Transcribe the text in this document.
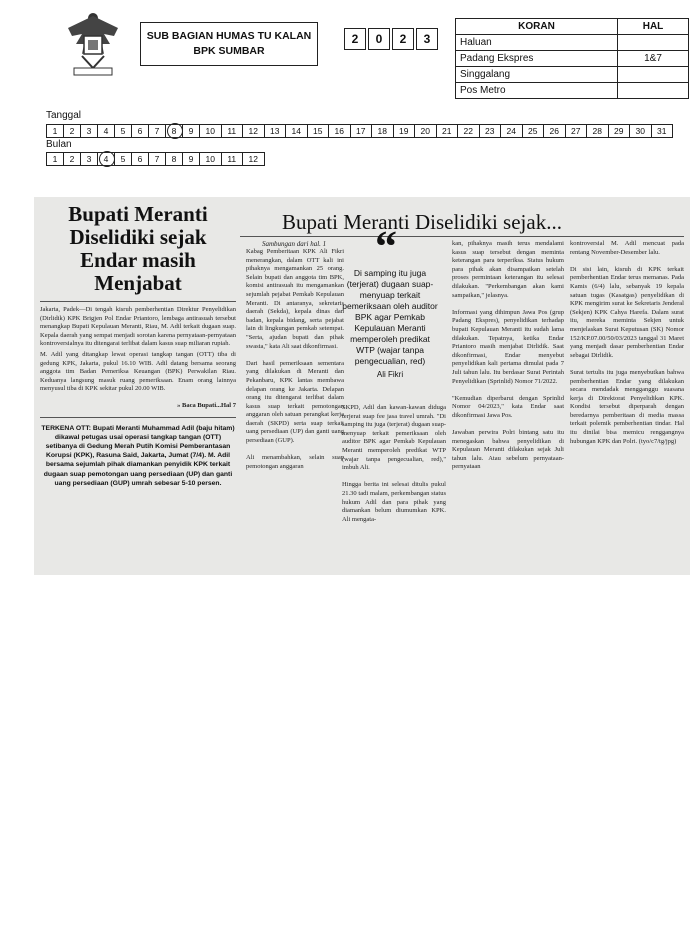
SUB BAGIAN HUMAS TU KALAN
BPK SUMBAR
2	0	2	3
KORAN	HAL
Haluan	
Padang Ekspres	1&7
Singgalang	
Pos Metro	
Tanggal
1	2	3	4	5	6	7	8	9	10	11	12	13	14	15	16	17	18	19	20	21	22	23	24	25	26	27	28	29	30	31
Bulan
1	2	3	4	5	6	7	8	9	10	11	12
Bupati Meranti Diselidiki sejak Endar masih Menjabat
Jakarta, Padek—Di tengah kisruh pemberhentian Direktur Penyelidikan (Dirlidik) KPK Brigjen Pol Endar Priantoro, lembaga antirasuah tersebut menangkap Bupati Kepulauan Meranti, Riau, M. Adil terkait dugaan suap. Kepala daerah yang sempat menjadi sorotan karena pernyataan-pernyataan kontroversialnya itu ditengarai terlibat dalam kasus suap miliaran rupiah.
M. Adil yang ditangkap lewat operasi tangkap tangan (OTT) tiba di gedung KPK, Jakarta, pukul 16.10 WIB. Adil datang bersama seorang anggota tim Badan Pemeriksa Keuangan (BPK) Perwakilan Riau. Keduanya langsung masuk ruang pemeriksaan. Enam orang lainnya menyusul tiba di KPK sekitar pukul 20.00 WIB.
» Baca Bupati...Hal 7
TERKENA OTT: Bupati Meranti Muhammad Adil (baju hitam) dikawal petugas usai operasi tangkap tangan (OTT) setibanya di Gedung Merah Putih Komisi Pemberantasan Korupsi (KPK), Rasuna Said, Jakarta, Jumat (7/4). M. Adil bersama sejumlah pihak diamankan penyidik KPK terkait dugaan suap pemotongan uang persediaan (UP) dan ganti uang persediaan (GUP) umrah sebesar 5-10 persen.
Bupati Meranti Diselidiki sejak...
Sambungan dari hal. 1 “
Di samping itu juga (terjerat) dugaan suap-menyuap terkait pemeriksaan oleh auditor BPK agar Pemkab Kepulauan Meranti memperoleh predikat WTP (wajar tanpa pengecualian, red)
Ali Fikri
Kabag Pemberitaan KPK Ali Fikri menerangkan, dalam OTT kali ini pihaknya mengamankan 25 orang. Selain bupati dan anggota tim BPK, komisi antirasuah itu mengamankan sejumlah pejabat Pemkab Kepulauan Meranti. Di antaranya, sekretaris daerah (Sekda), kepala dinas dan badan, kepala bidang, serta pejabat lain di lingkungan pemkab setempat. "Serta, ajudan bupati dan pihak swasta," kata Ali saat dikonfirmasi.

Dari hasil pemeriksaan sementara yang dilakukan di Meranti dan Pekanbaru, KPK lantas membawa delapan orang ke Jakarta. Delapan orang itu ditengarai terlibat dalam kasus suap terkait pemotongan anggaran oleh satuan perangkat kerja daerah (SKPD) serta suap terkait uang persediaan (UP) dan ganti uang persediaan (GUP).

Ali menambahkan, selain suap pemotongan anggaran
SKPD, Adil dan kawan-kawan diduga terjerat suap fee jasa travel umrah. "Di samping itu juga (terjerat) dugaan suap-menyuap terkait pemeriksaan oleh auditor BPK agar Pemkab Kepulauan Meranti memperoleh predikat WTP (wajar tanpa pengecualian, red)," imbuh Ali.

Hingga berita ini selesai ditulis pukul 21.30 tadi malam, perkembangan status hukum Adil dan para pihak yang diamankan belum diumumkan KPK. Ali mengata-
kan, pihaknya masih terus mendalami kasus suap tersebut dengan meminta keterangan para terperiksa. Status hukum para pihak akan disampaikan setelah proses permintaan keterangan itu selesai dilakukan. "Perkembangan akan kami sampaikan," jelasnya.

Informasi yang dihimpun Jawa Pos (grup Padang Ekspres), penyelidikan terhadap bupati Kepulauan Meranti itu sudah lama dilakukan. Tepatnya, ketika Endar Priantoro masih menjabat Dirlidik. Saat dikonfirmasi, Endar menyebut penyelidikan kali pertama dimulai pada 7 Juli tahun lalu. Itu berdasar Surat Perintah Penyelidikan (Sprinlid) Nomor 71/2022.

"Kemudian diperbarui dengan Sprinlid Nomor 04/2023," kata Endar saat dikonfirmasi Jawa Pos.

Jawaban perwira Polri bintang satu itu menegaskan bahwa penyelidikan di Kepulauan Meranti dilakukan sejak Juli tahun lalu. Atau sebelum pernyataan-pernyataan
kontroversial M. Adil mencuat pada rentang November-Desember lalu.

Di sisi lain, kisruh di KPK terkait pemberhentian Endar terus memanas. Pada Kamis (6/4) lalu, sebanyak 19 kepala satuan tugas (Kasatgas) penyelidikan di KPK mengirim surat ke Sekretaris Jenderal (Sekjen) KPK Cahya Harefa. Dalam surat itu, mereka meminta Sekjen untuk menjelaskan Surat Keputusan (SK) Nomor 152/KP.07.00/50/03/2023 tanggal 31 Maret yang menjadi dasar pemberhentian Endar sebagai Dirlidik.

Surat tertulis itu juga menyebutkan bahwa pemberhentian Endar yang dilakukan secara mendadak mengganggu suasana kerja di Direktorat Penyelidikan KPK. Kondisi tersebut diperparah dengan beredarnya pemberitaan di media massa terkait polemik pemberhentian tindar. Hal itu dinilai bisa memicu renggangnya hubungan KPK dan Polri. (tyo/c7/tg/jpg)
